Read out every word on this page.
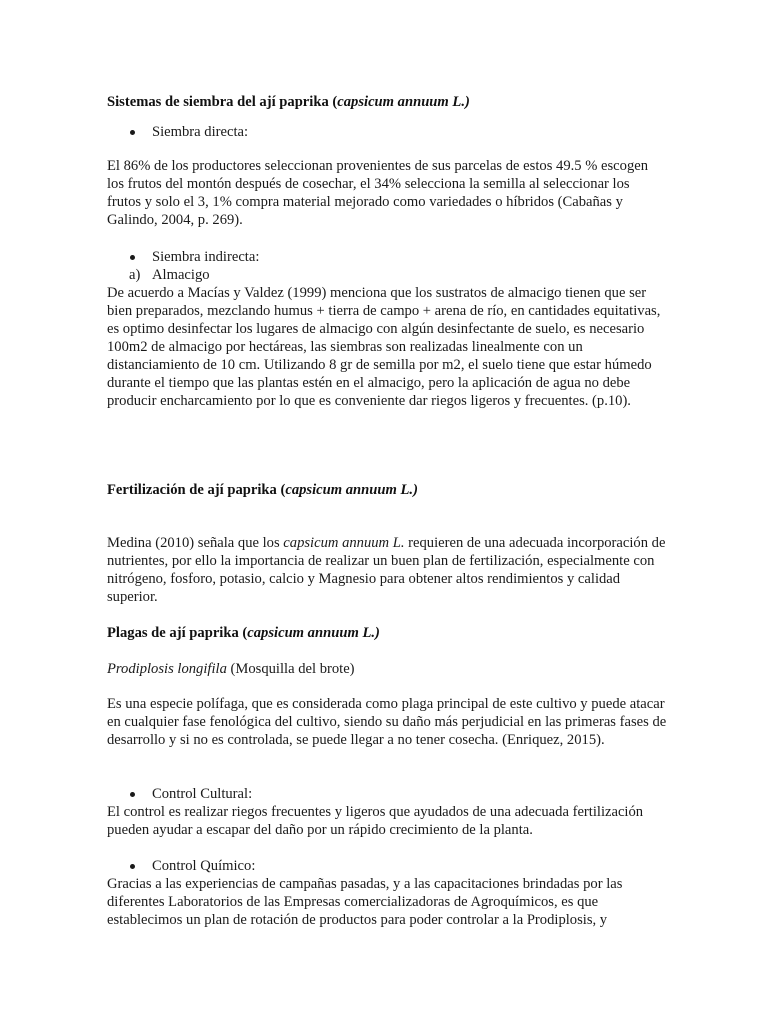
Sistemas de siembra del ají paprika (capsicum annuum L.)

Siembra directa:

El 86% de los productores seleccionan provenientes de sus parcelas de estos 49.5 % escogen los frutos del montón después de cosechar, el 34% selecciona la semilla al seleccionar los frutos y solo el 3, 1% compra material mejorado como variedades o híbridos (Cabañas y Galindo, 2004, p. 269).

Siembra indirecta:
a) Almacigo

De acuerdo a Macías y Valdez (1999) menciona que los sustratos de almacigo tienen que ser bien preparados, mezclando humus + tierra de campo + arena de río, en cantidades equitativas, es optimo desinfectar los lugares de almacigo con algún desinfectante de suelo, es necesario 100m2 de almacigo por hectáreas, las siembras son realizadas linealmente con un distanciamiento de 10 cm. Utilizando 8 gr de semilla por m2, el suelo tiene que estar húmedo durante el tiempo que las plantas estén en el almacigo, pero la aplicación de agua no debe producir encharcamiento por lo que es conveniente dar riegos ligeros y frecuentes. (p.10).

Fertilización de ají paprika (capsicum annuum L.)

Medina (2010) señala que los capsicum annuum L. requieren de una adecuada incorporación de nutrientes, por ello la importancia de realizar un buen plan de fertilización, especialmente con nitrógeno, fosforo, potasio, calcio y Magnesio para obtener altos rendimientos y calidad superior.

Plagas de ají paprika (capsicum annuum L.)

Prodiplosis longifila (Mosquilla del brote)

Es una especie polífaga, que es considerada como plaga principal de este cultivo y puede atacar en cualquier fase fenológica del cultivo, siendo su daño más perjudicial en las primeras fases de desarrollo y si no es controlada, se puede llegar a no tener cosecha. (Enriquez, 2015).

Control Cultural:

El control es realizar riegos frecuentes y ligeros que ayudados de una adecuada fertilización pueden ayudar a escapar del daño por un rápido crecimiento de la planta.

Control Químico:

Gracias a las experiencias de campañas pasadas, y a las capacitaciones brindadas por las diferentes Laboratorios de las Empresas comercializadoras de Agroquímicos, es que establecimos un plan de rotación de productos para poder controlar a la Prodiplosis, y
